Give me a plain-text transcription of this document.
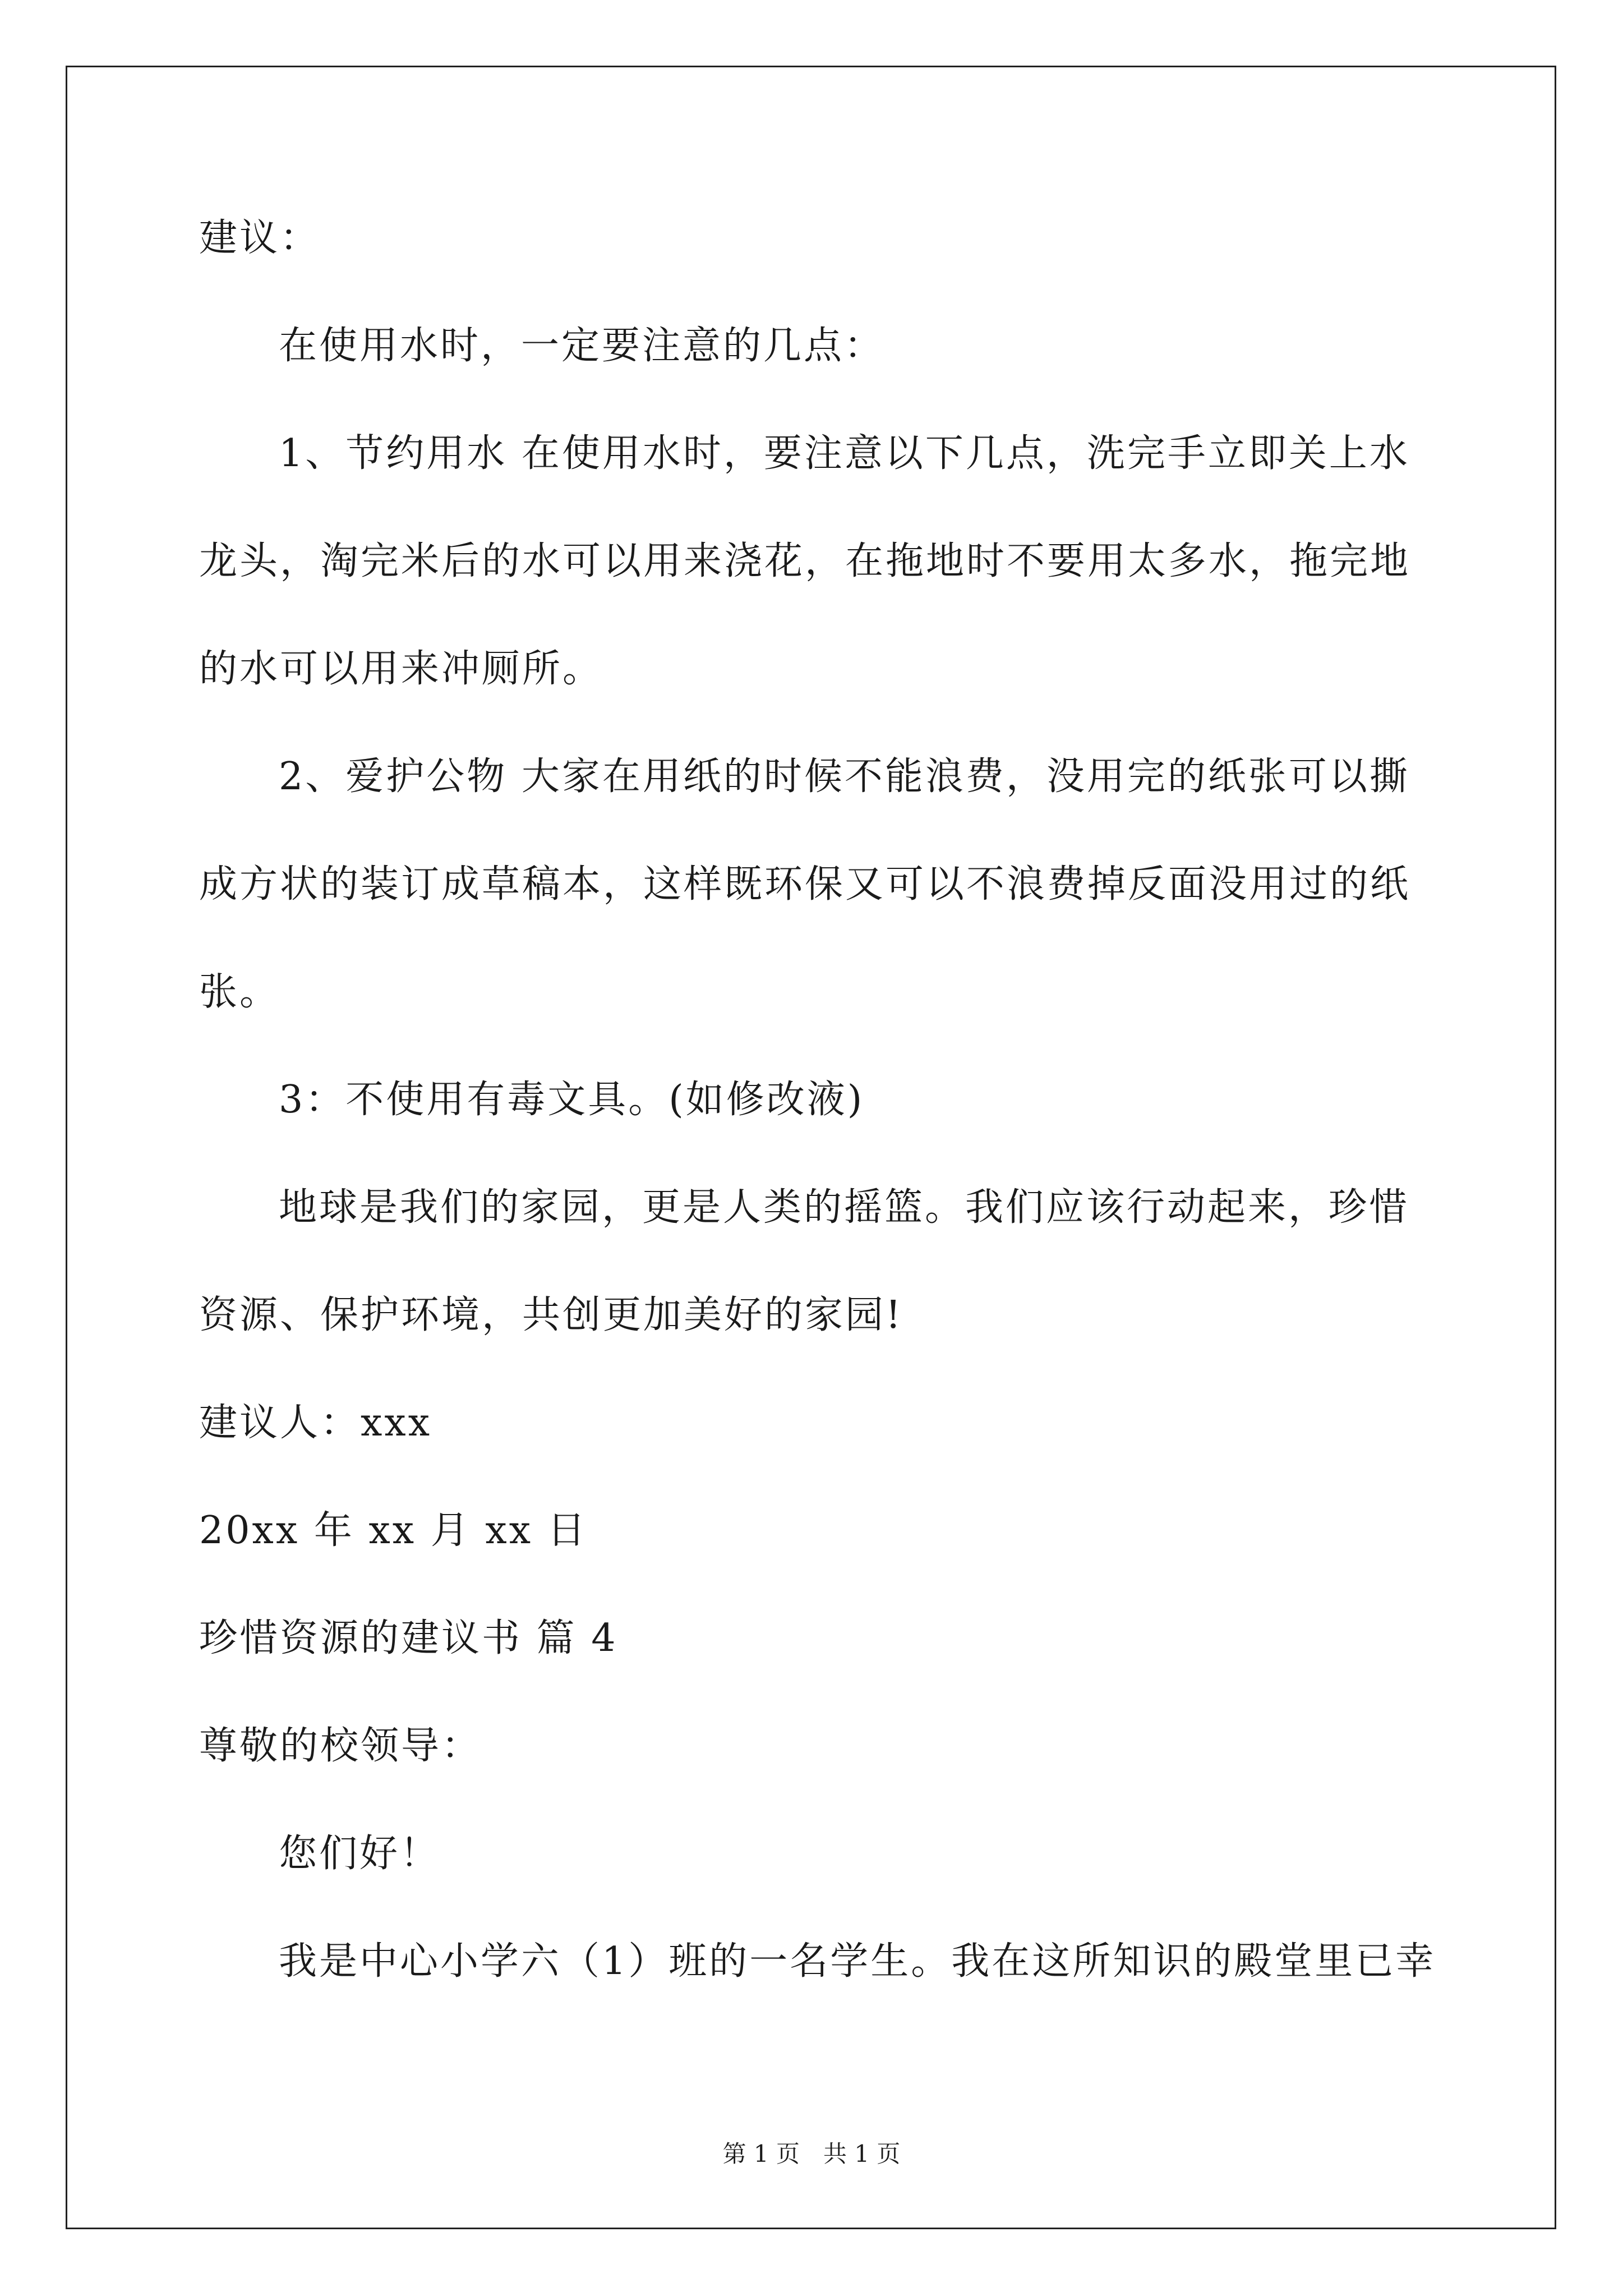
建议：
在使用水时，一定要注意的几点：
1、节约用水 在使用水时，要注意以下几点，洗完手立即关上水
龙头，淘完米后的水可以用来浇花，在拖地时不要用太多水，拖完地
的水可以用来冲厕所。
2、爱护公物 大家在用纸的时候不能浪费，没用完的纸张可以撕
成方状的装订成草稿本，这样既环保又可以不浪费掉反面没用过的纸
张。
3：不使用有毒文具。(如修改液)
地球是我们的家园，更是人类的摇篮。我们应该行动起来，珍惜
资源、保护环境，共创更加美好的家园!
建议人：xxx
20xx 年 xx 月 xx 日
珍惜资源的建议书 篇 4
尊敬的校领导：
您们好！
我是中心小学六（1）班的一名学生。我在这所知识的殿堂里已幸
第 1 页　共 1 页
